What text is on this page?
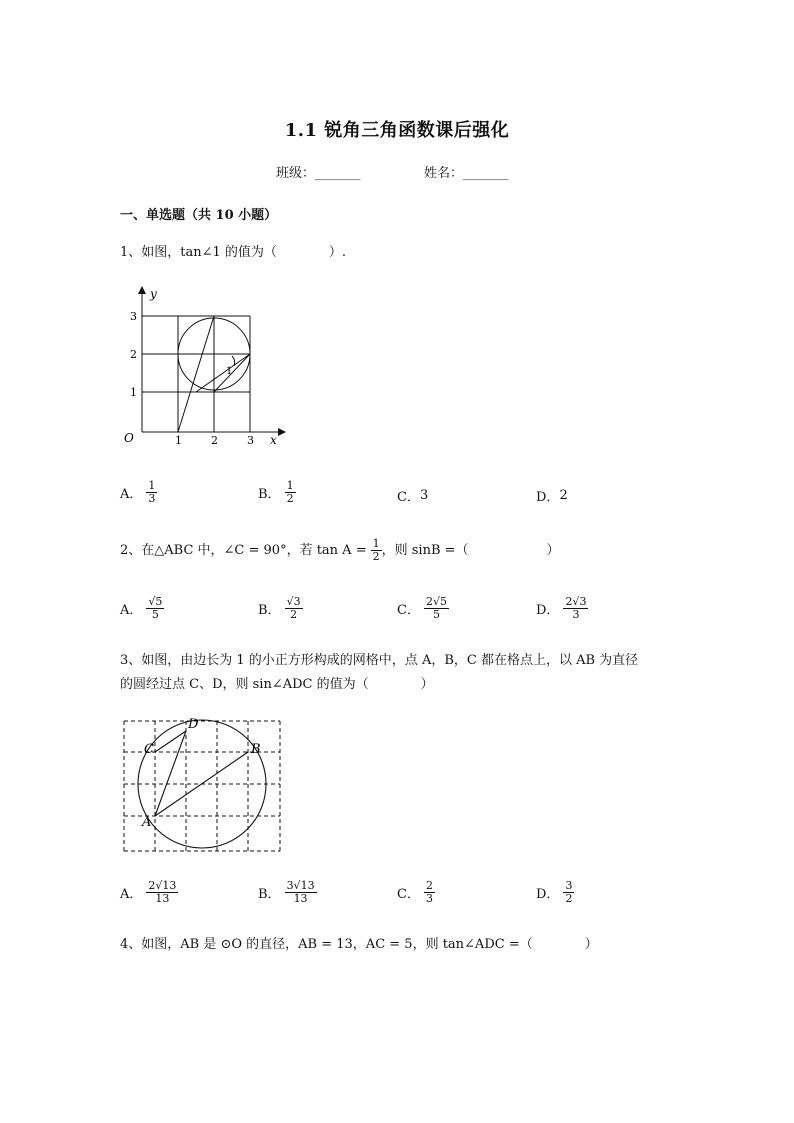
1.1 锐角三角函数课后强化
班级：_______	姓名：_______
一、单选题（共 10 小题）
1、如图，tan∠1 的值为（　　　　）.
y
x
O	1	2	3
1
2
3
1
A． $\frac{1}{3}$	B． $\frac{1}{2}$	C． 3	D． 2
2、在△ABC 中，∠C = 90°，若 $\tan A = \frac{1}{2}$ ，则 sinB =（　　　　　　）
A． $\frac{√5}{5}$	B． $\frac{√3}{2}$	C． $\frac{2√5}{5}$	D． $\frac{2√3}{3}$
3、如图，由边长为 1 的小正方形构成的网格中，点 A，B，C 都在格点上，以 AB 为直径
的圆经过点 C、D，则 sin∠ADC 的值为（　　　　）
A
B
C
D
A． $\frac{2√13}{13}$	B． $\frac{3√13}{13}$	C． $\frac{2}{3}$	D． $\frac{3}{2}$
4、如图，AB 是 ⊙O 的直径，AB = 13，AC = 5，则 tan∠ADC =（　　　　）
